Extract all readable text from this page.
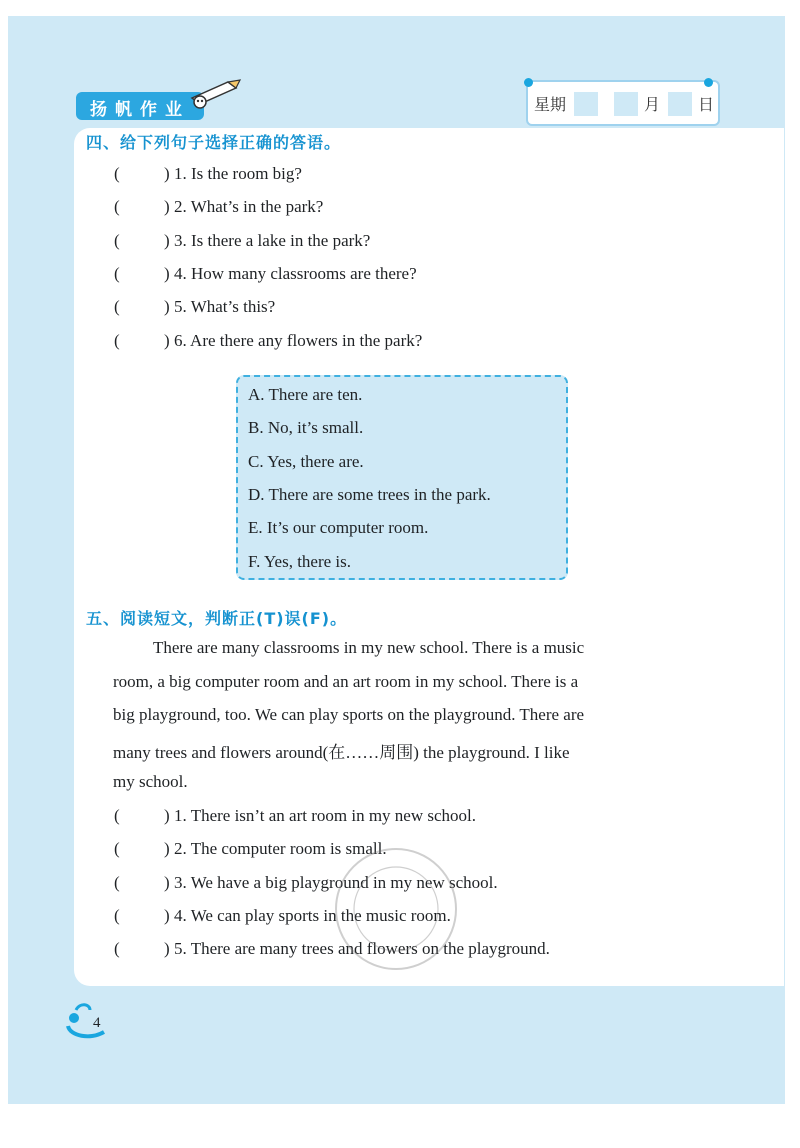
扬帆作业	星期	月 日
四、给下列句子选择正确的答语。
(	) 1. Is the room big?
(	) 2. What’s in the park?
(	) 3. Is there a lake in the park?
(	) 4. How many classrooms are there?
(	) 5. What’s this?
(	) 6. Are there any flowers in the park?
A. There are ten.
B. No, it’s small.
C. Yes, there are.
D. There are some trees in the park.
E. It’s our computer room.
F. Yes, there is.
五、阅读短文，判断正(T)误(F)。
There are many classrooms in my new school. There is a music
room, a big computer room and an art room in my school. There is a
big playground, too. We can play sports on the playground. There are
many trees and flowers around(在……周围) the playground. I like
my school.
(	) 1. There isn’t an art room in my new school.
(	) 2. The computer room is small.
(	) 3. We have a big playground in my new school.
(	) 4. We can play sports in the music room.
(	) 5. There are many trees and flowers on the playground.
4
